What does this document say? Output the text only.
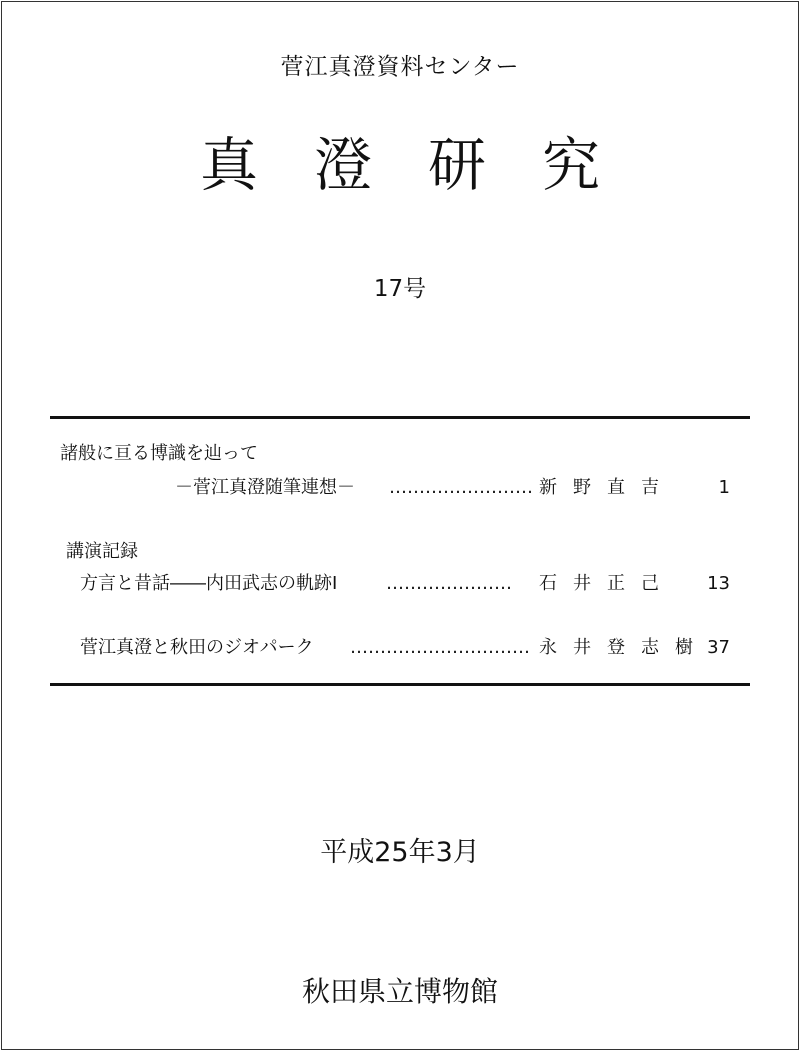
菅江真澄資料センター
真澄研究
17号
諸般に亘る博識を辿って
－菅江真澄随筆連想－ …………………… 新野直吉 1
講演記録
方言と昔話――内田武志の軌跡Ⅰ	…………………	石井正己 13
菅江真澄と秋田のジオパーク ………………………… 永井登志樹
37
平成25年3月
秋田県立博物館
